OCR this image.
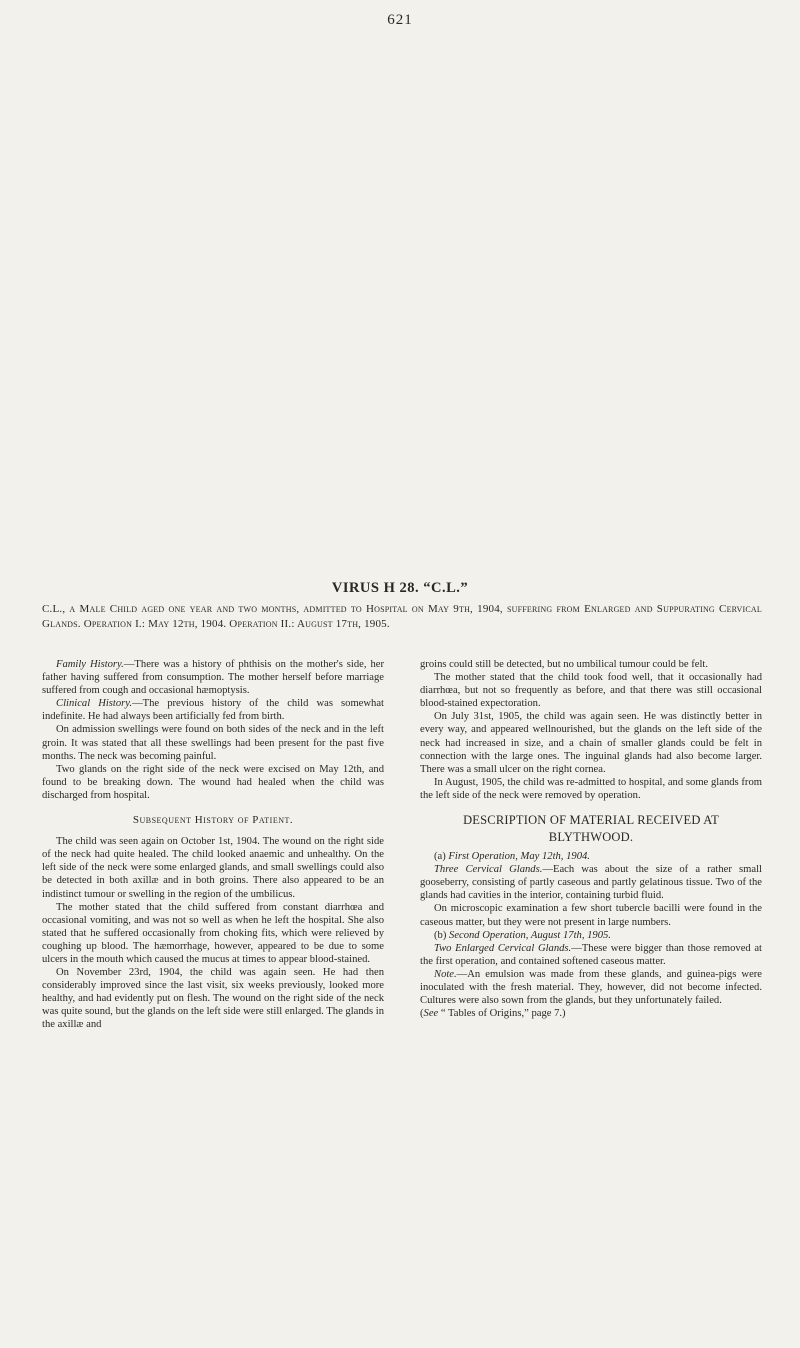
621
VIRUS H 28. “C.L.”
C.L., a Male Child aged one year and two months, admitted to Hospital on May 9th, 1904, suffering from Enlarged and Suppurating Cervical Glands. Operation I.: May 12th, 1904. Operation II.: August 17th, 1905.

Family History.—There was a history of phthisis on the mother's side, her father having suffered from consumption. The mother herself before marriage suffered from cough and occasional hæmoptysis.

Clinical History.—The previous history of the child was somewhat indefinite. He had always been artificially fed from birth.

On admission swellings were found on both sides of the neck and in the left groin. It was stated that all these swellings had been present for the past five months. The neck was becoming painful.

Two glands on the right side of the neck were excised on May 12th, and found to be breaking down. The wound had healed when the child was discharged from hospital.

Subsequent History of Patient.

The child was seen again on October 1st, 1904. The wound on the right side of the neck had quite healed. The child looked anaemic and unhealthy. On the left side of the neck were some enlarged glands, and small swellings could also be detected in both axillæ and in both groins. There also appeared to be an indistinct tumour or swelling in the region of the umbilicus.

The mother stated that the child suffered from constant diarrhœa and occasional vomiting, and was not so well as when he left the hospital. She also stated that he suffered occasionally from choking fits, which were relieved by coughing up blood. The hæmorrhage, however, appeared to be due to some ulcers in the mouth which caused the mucus at times to appear blood-stained.

On November 23rd, 1904, the child was again seen. He had then considerably improved since the last visit, six weeks previously, looked more healthy, and had evidently put on flesh. The wound on the right side of the neck was quite sound, but the glands on the left side were still enlarged. The glands in the axillæ and

groins could still be detected, but no umbilical tumour could be felt.

The mother stated that the child took food well, that it occasionally had diarrhœa, but not so frequently as before, and that there was still occasional blood-stained expectoration.

On July 31st, 1905, the child was again seen. He was distinctly better in every way, and appeared wellnourished, but the glands on the left side of the neck had increased in size, and a chain of smaller glands could be felt in connection with the large ones. The inguinal glands had also become larger. There was a small ulcer on the right cornea.

In August, 1905, the child was re-admitted to hospital, and some glands from the left side of the neck were removed by operation.

DESCRIPTION OF MATERIAL RECEIVED AT BLYTHWOOD.

(a) First Operation, May 12th, 1904.

Three Cervical Glands.—Each was about the size of a rather small gooseberry, consisting of partly caseous and partly gelatinous tissue. Two of the glands had cavities in the interior, containing turbid fluid.

On microscopic examination a few short tubercle bacilli were found in the caseous matter, but they were not present in large numbers.

(b) Second Operation, August 17th, 1905.

Two Enlarged Cervical Glands.—These were bigger than those removed at the first operation, and contained softened caseous matter.

Note.—An emulsion was made from these glands, and guinea-pigs were inoculated with the fresh material. They, however, did not become infected. Cultures were also sown from the glands, but they unfortunately failed.

(See “ Tables of Origins,” page 7.)
